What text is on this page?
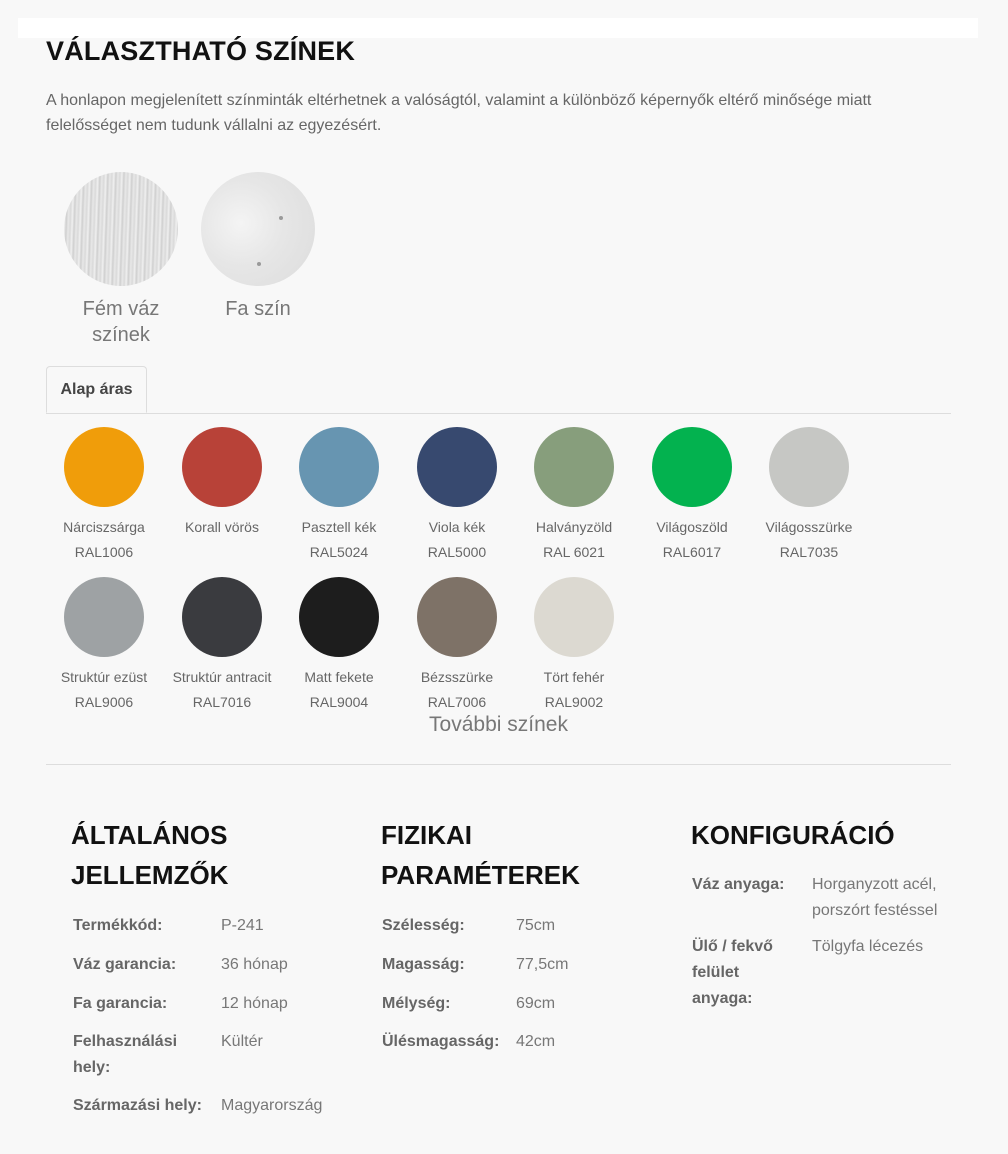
VÁLASZTHATÓ SZÍNEK

A honlapon megjelenített színminták eltérhetnek a valóságtól, valamint a különböző képernyők eltérő minősége miatt felelősséget nem tudunk vállalni az egyezésért.

Fém váz színek
Fa szín
Alap áras
Nárciszsárga
RAL1006
Korall vörös	Pasztell kék
RAL5024
Viola kék
RAL5000
Halványzöld
RAL 6021
Világoszöld
RAL6017
Világosszürke
RAL7035
Struktúr ezüst
RAL9006
Struktúr antracit
RAL7016
Matt fekete
RAL9004
Bézsszürke
RAL7006
Tört fehér
RAL9002
További színek
ÁLTALÁNOS
JELLEMZŐK
Termékkód:	P-241
Váz garancia:	36 hónap
Fa garancia:	12 hónap
Felhasználási
hely:
Kültér
Származási hely: Magyarország
FIZIKAI
PARAMÉTEREK
Szélesség:	75cm
Magasság:	77,5cm
Mélység:	69cm
Ülésmagasság: 42cm
KONFIGURÁCIÓ
Váz anyaga: Horganyzott acél,
porszórt festéssel
Ülő / fekvő
felület
anyaga:
Tölgyfa lécezés
